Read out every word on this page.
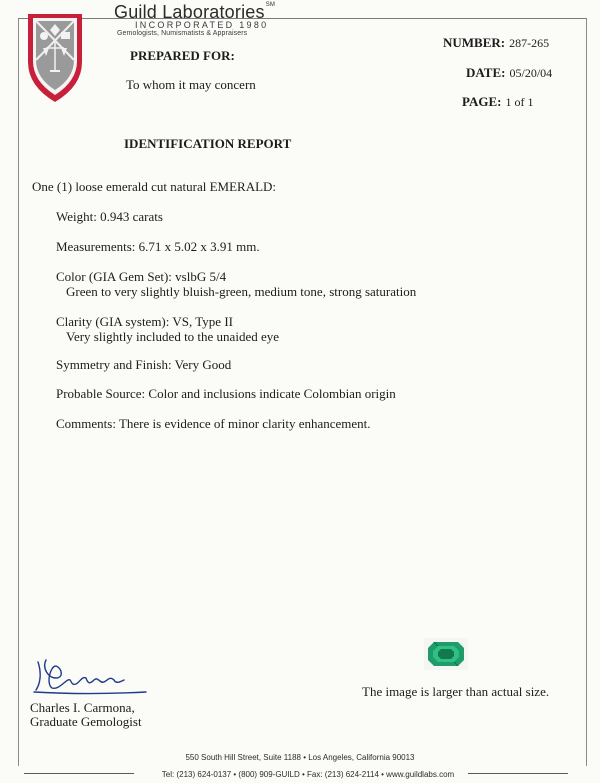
Guild Laboratories℠
INCORPORATED 1980
Gemologists, Numismatists & Appraisers
PREPARED FOR:
To whom it may concern
NUMBER: 287-265
DATE: 05/20/04
PAGE: 1 of 1
IDENTIFICATION REPORT
One (1) loose emerald cut natural EMERALD:
Weight: 0.943 carats
Measurements: 6.71 x 5.02 x 3.91 mm.
Color (GIA Gem Set): vslbG 5/4
Green to very slightly bluish-green, medium tone, strong saturation
Clarity (GIA system): VS, Type II
Very slightly included to the unaided eye
Symmetry and Finish: Very Good
Probable Source: Color and inclusions indicate Colombian origin
Comments: There is evidence of minor clarity enhancement.
Charles I. Carmona,
Graduate Gemologist
The image is larger than actual size.
550 South Hill Street, Suite 1188 • Los Angeles, California 90013
Tel: (213) 624-0137 • (800) 909-GUILD • Fax: (213) 624-2114 • www.guildlabs.com
